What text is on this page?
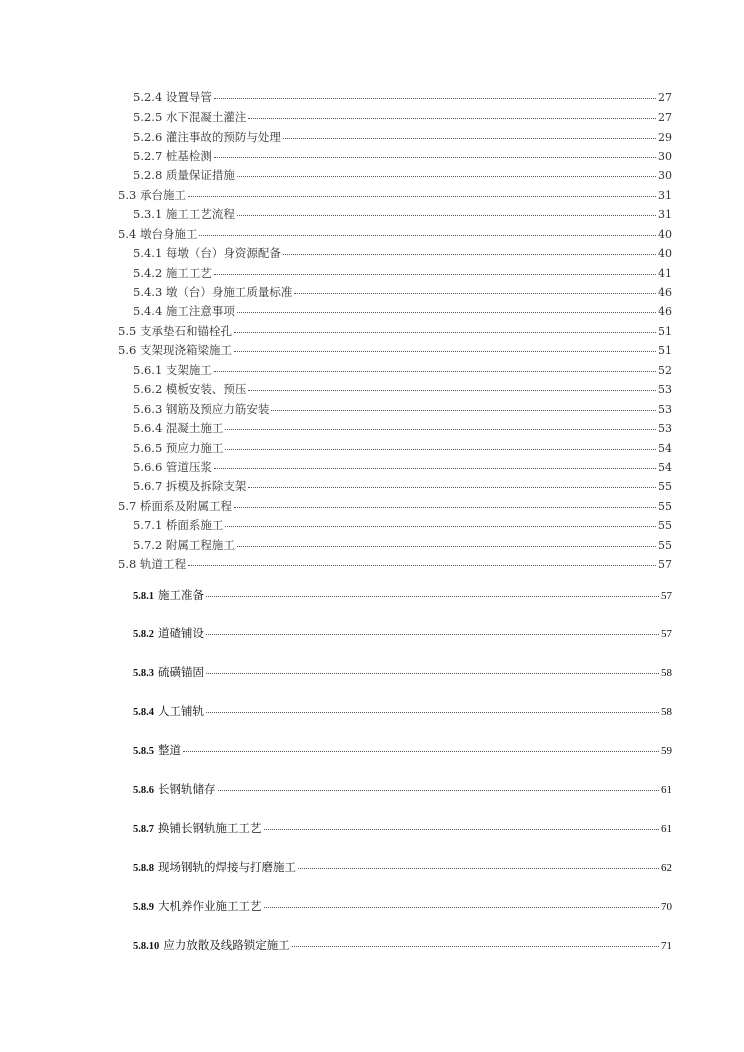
5.2.4 设置导管	27
5.2.5 水下混凝土灌注	27
5.2.6 灌注事故的预防与处理	29
5.2.7 桩基检测	30
5.2.8 质量保证措施	30
5.3 承台施工	31
5.3.1 施工工艺流程	31
5.4 墩台身施工	40
5.4.1 每墩（台）身资源配备	40
5.4.2 施工工艺	41
5.4.3 墩（台）身施工质量标准	46
5.4.4 施工注意事项	46
5.5 支承垫石和锚栓孔	51
5.6 支架现浇箱梁施工	51
5.6.1 支架施工	52
5.6.2 模板安装、预压	53
5.6.3 钢筋及预应力筋安装	53
5.6.4 混凝土施工	53
5.6.5 预应力施工	54
5.6.6 管道压浆	54
5.6.7 拆模及拆除支架	55
5.7 桥面系及附属工程	55
5.7.1 桥面系施工	55
5.7.2 附属工程施工	55
5.8 轨道工程	57
5.8.1 施工准备	57
5.8.2 道碴铺设	57
5.8.3 硫磺锚固	58
5.8.4 人工铺轨	58
5.8.5 整道	59
5.8.6 长钢轨储存	61
5.8.7 换铺长钢轨施工工艺	61
5.8.8 现场钢轨的焊接与打磨施工	62
5.8.9 大机养作业施工工艺	70
5.8.10 应力放散及线路锁定施工	71
